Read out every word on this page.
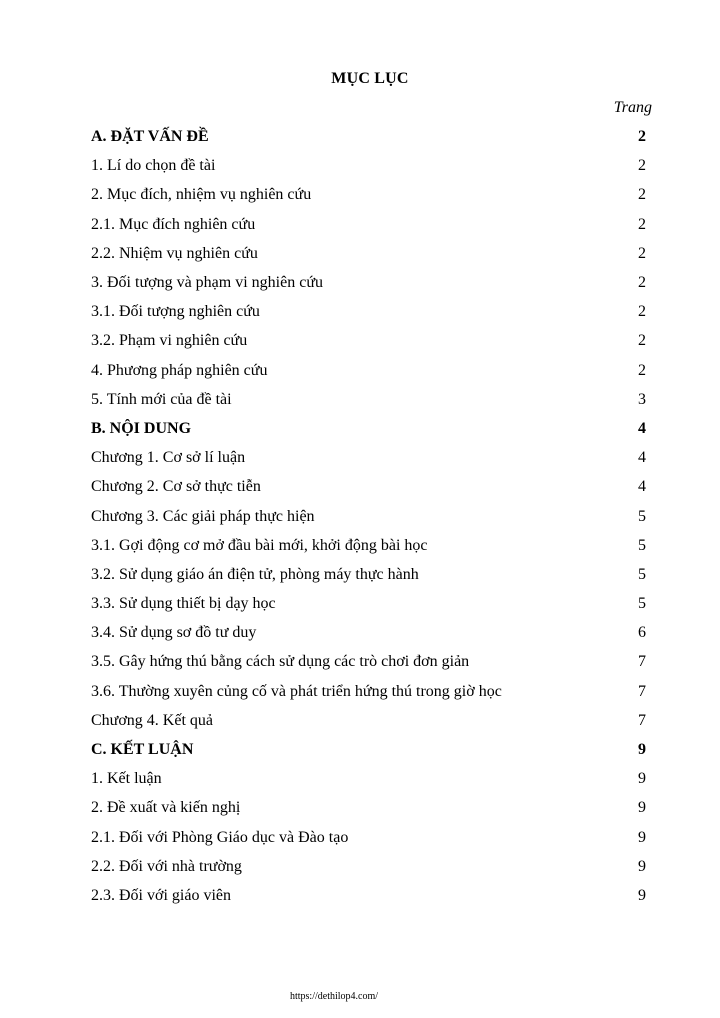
MỤC LỤC
Trang
A. ĐẶT VẤN ĐỀ	2
1. Lí do chọn đề tài	2
2. Mục đích, nhiệm vụ nghiên cứu	2
2.1. Mục đích nghiên cứu	2
2.2. Nhiệm vụ nghiên cứu	2
3. Đối tượng và phạm vi nghiên cứu	2
3.1. Đối tượng nghiên cứu	2
3.2. Phạm vi nghiên cứu	2
4. Phương pháp nghiên cứu	2
5. Tính mới của đề tài	3
B. NỘI DUNG	4
Chương 1. Cơ sở lí luận	4
Chương 2. Cơ sở thực tiễn	4
Chương 3. Các giải pháp thực hiện	5
3.1. Gợi động cơ mở đầu bài mới, khởi động bài học	5
3.2. Sử dụng giáo án điện tử, phòng máy thực hành	5
3.3. Sử dụng thiết bị dạy học	5
3.4. Sử dụng sơ đồ tư duy	6
3.5. Gây hứng thú bằng cách sử dụng các trò chơi đơn giản	7
3.6. Thường xuyên củng cố và phát triển hứng thú trong giờ học	7
Chương 4. Kết quả	7
C. KẾT LUẬN	9
1. Kết luận	9
2. Đề xuất và kiến nghị	9
2.1. Đối với Phòng Giáo dục và Đào tạo	9
2.2. Đối với nhà trường	9
2.3. Đối với giáo viên	9
https://dethilop4.com/
